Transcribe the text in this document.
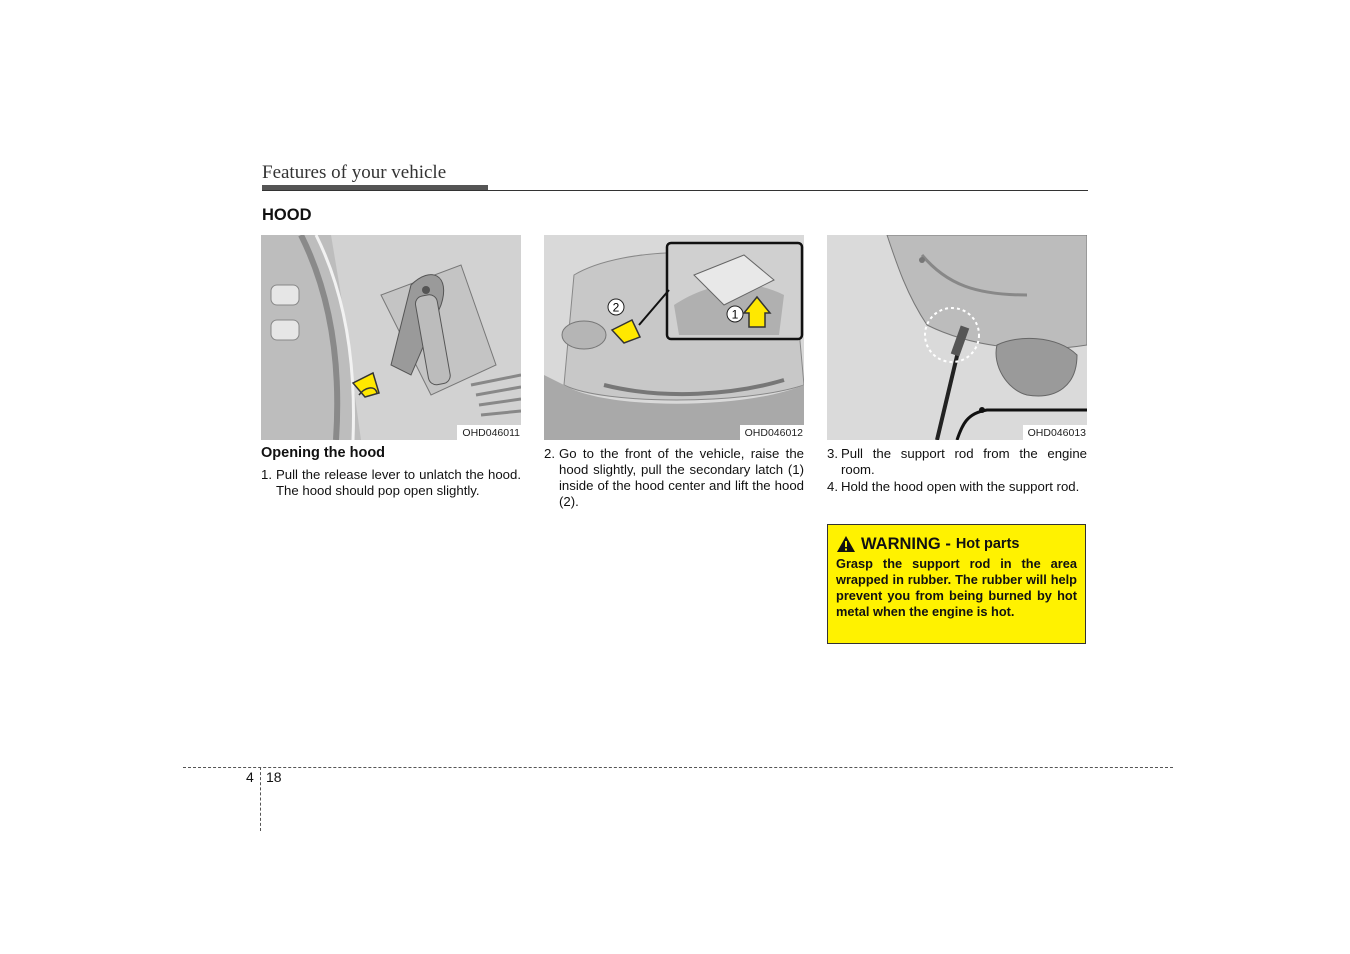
Features of your vehicle
HOOD
OHD046011
2	1
OHD046012	OHD046013
Opening the hood
1. Pull the release lever to unlatch the hood. The hood should pop open slightly.
2. Go to the front of the vehicle, raise the hood slightly, pull the secondary latch (1) inside of the hood center and lift the hood (2).
3. Pull the support rod from the engine room.
4. Hold the hood open with the support rod.
WARNING - Hot parts
Grasp the support rod in the area wrapped in rubber. The rubber will help prevent you from being burned by hot metal when the engine is hot.
4 18
